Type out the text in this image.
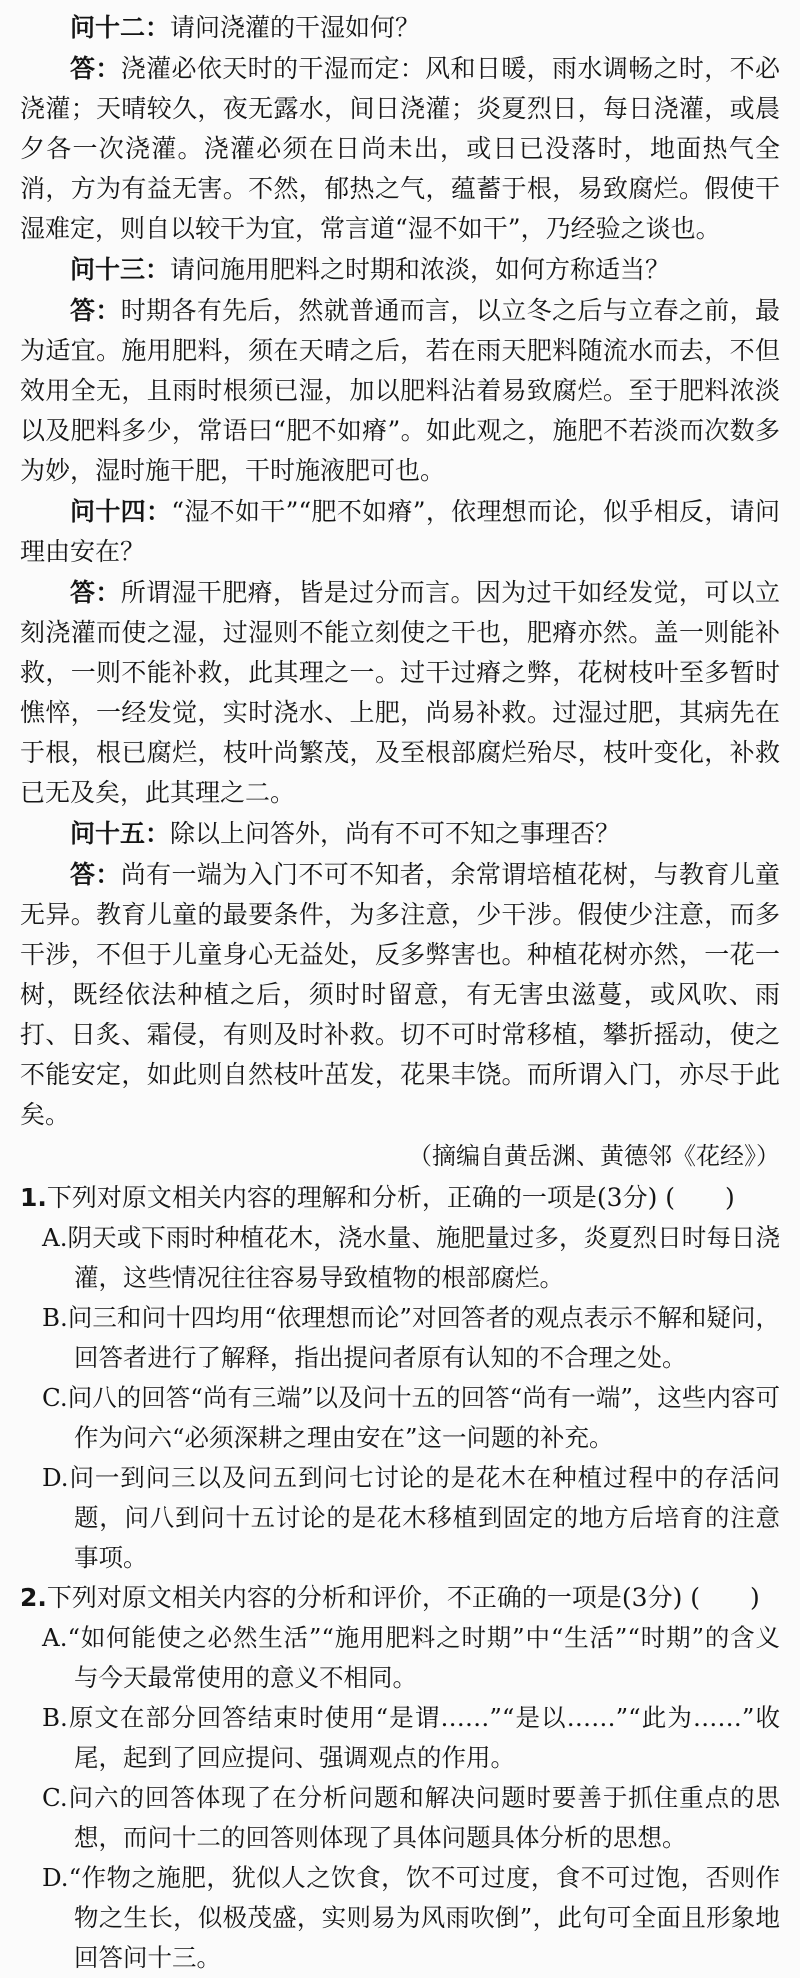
问十二：请问浇灌的干湿如何？

答：浇灌必依天时的干湿而定：风和日暖，雨水调畅之时，不必浇灌；天晴较久，夜无露水，间日浇灌；炎夏烈日，每日浇灌，或晨夕各一次浇灌。浇灌必须在日尚未出，或日已没落时，地面热气全消，方为有益无害。不然，郁热之气，蕴蓄于根，易致腐烂。假使干湿难定，则自以较干为宜，常言道“湿不如干”，乃经验之谈也。

问十三：请问施用肥料之时期和浓淡，如何方称适当？

答：时期各有先后，然就普通而言，以立冬之后与立春之前，最为适宜。施用肥料，须在天晴之后，若在雨天肥料随流水而去，不但效用全无，且雨时根须已湿，加以肥料沾着易致腐烂。至于肥料浓淡以及肥料多少，常语曰“肥不如瘠”。如此观之，施肥不若淡而次数多为妙，湿时施干肥，干时施液肥可也。

问十四：“湿不如干”“肥不如瘠”，依理想而论，似乎相反，请问理由安在？

答：所谓湿干肥瘠，皆是过分而言。因为过干如经发觉，可以立刻浇灌而使之湿，过湿则不能立刻使之干也，肥瘠亦然。盖一则能补救，一则不能补救，此其理之一。过干过瘠之弊，花树枝叶至多暂时憔悴，一经发觉，实时浇水、上肥，尚易补救。过湿过肥，其病先在于根，根已腐烂，枝叶尚繁茂，及至根部腐烂殆尽，枝叶变化，补救已无及矣，此其理之二。

问十五：除以上问答外，尚有不可不知之事理否？

答：尚有一端为入门不可不知者，余常谓培植花树，与教育儿童无异。教育儿童的最要条件，为多注意，少干涉。假使少注意，而多干涉，不但于儿童身心无益处，反多弊害也。种植花树亦然，一花一树，既经依法种植之后，须时时留意，有无害虫滋蔓，或风吹、雨打、日炙、霜侵，有则及时补救。切不可时常移植，攀折摇动，使之不能安定，如此则自然枝叶茁发，花果丰饶。而所谓入门，亦尽于此矣。

（摘编自黄岳渊、黄德邻《花经》）

1.下列对原文相关内容的理解和分析，正确的一项是(3分) (　　)

A.阴天或下雨时种植花木，浇水量、施肥量过多，炎夏烈日时每日浇灌，这些情况往往容易导致植物的根部腐烂。

B.问三和问十四均用“依理想而论”对回答者的观点表示不解和疑问，回答者进行了解释，指出提问者原有认知的不合理之处。

C.问八的回答“尚有三端”以及问十五的回答“尚有一端”，这些内容可作为问六“必须深耕之理由安在”这一问题的补充。

D.问一到问三以及问五到问七讨论的是花木在种植过程中的存活问题，问八到问十五讨论的是花木移植到固定的地方后培育的注意事项。

2.下列对原文相关内容的分析和评价，不正确的一项是(3分) (　　)

A.“如何能使之必然生活”“施用肥料之时期”中“生活”“时期”的含义与今天最常使用的意义不相同。

B.原文在部分回答结束时使用“是谓……”“是以……”“此为……”收尾，起到了回应提问、强调观点的作用。

C.问六的回答体现了在分析问题和解决问题时要善于抓住重点的思想，而问十二的回答则体现了具体问题具体分析的思想。

D.“作物之施肥，犹似人之饮食，饮不可过度，食不可过饱，否则作物之生长，似极茂盛，实则易为风雨吹倒”，此句可全面且形象地回答问十三。
